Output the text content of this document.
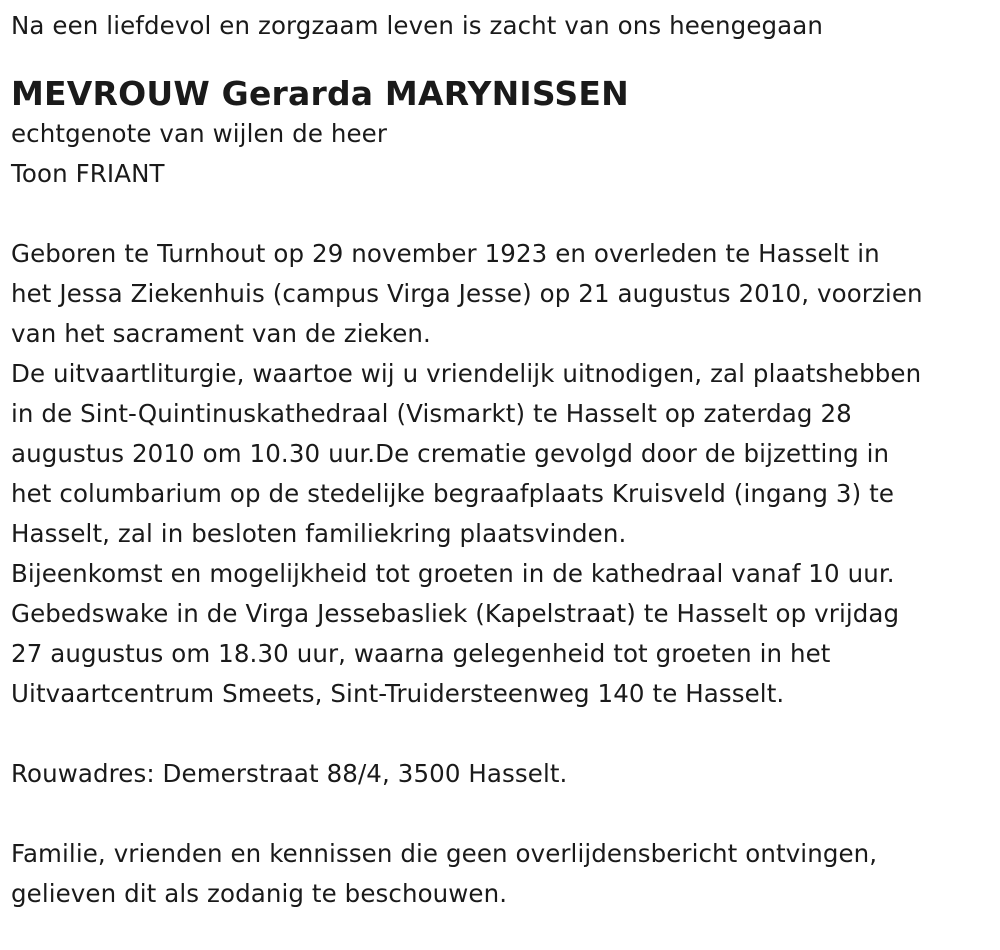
Na een liefdevol en zorgzaam leven is zacht van ons heengegaan

MEVROUW Gerarda MARYNISSEN

echtgenote van wijlen de heer

Toon FRIANT

Geboren te Turnhout op 29 november 1923 en overleden te Hasselt in

het Jessa Ziekenhuis (campus Virga Jesse) op 21 augustus 2010, voorzien

van het sacrament van de zieken.

De uitvaartliturgie, waartoe wij u vriendelijk uitnodigen, zal plaatshebben

in de Sint-Quintinuskathedraal (Vismarkt) te Hasselt op zaterdag 28

augustus 2010 om 10.30 uur.De crematie gevolgd door de bijzetting in

het columbarium op de stedelijke begraafplaats Kruisveld (ingang 3) te

Hasselt, zal in besloten familiekring plaatsvinden.

Bijeenkomst en mogelijkheid tot groeten in de kathedraal vanaf 10 uur.

Gebedswake in de Virga Jessebasliek (Kapelstraat) te Hasselt op vrijdag

27 augustus om 18.30 uur, waarna gelegenheid tot groeten in het

Uitvaartcentrum Smeets, Sint-Truidersteenweg 140 te Hasselt.

Rouwadres: Demerstraat 88/4, 3500 Hasselt.

Familie, vrienden en kennissen die geen overlijdensbericht ontvingen,

gelieven dit als zodanig te beschouwen.
